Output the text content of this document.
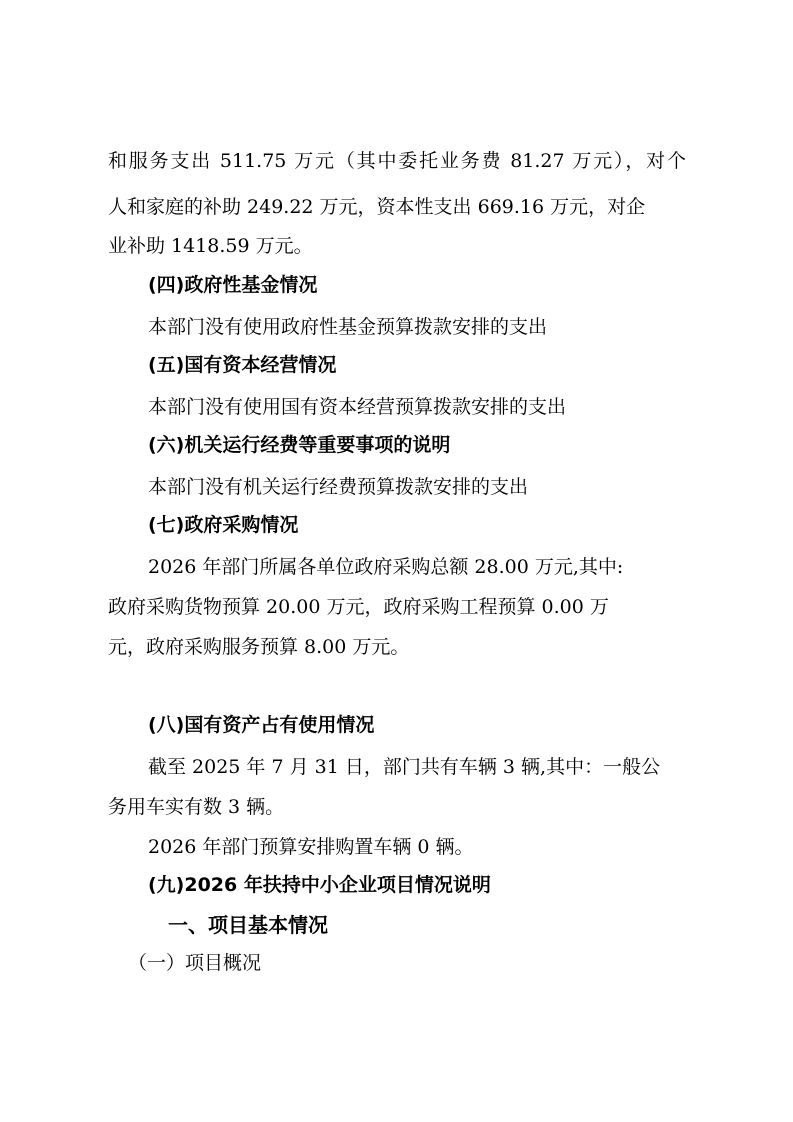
和服务支出 511.75 万元（其中委托业务费 81.27 万元），对个
人和家庭的补助 249.22 万元，资本性支出 669.16 万元，对企
业补助 1418.59 万元。
(四)政府性基金情况
本部门没有使用政府性基金预算拨款安排的支出
(五)国有资本经营情况
本部门没有使用国有资本经营预算拨款安排的支出
(六)机关运行经费等重要事项的说明
本部门没有机关运行经费预算拨款安排的支出
(七)政府采购情况
2026 年部门所属各单位政府采购总额 28.00 万元,其中:
政府采购货物预算 20.00 万元，政府采购工程预算 0.00 万
元，政府采购服务预算 8.00 万元。
(八)国有资产占有使用情况
截至 2025 年 7 月 31 日，部门共有车辆 3 辆,其中：一般公
务用车实有数 3 辆。
2026 年部门预算安排购置车辆 0 辆。
(九)2026 年扶持中小企业项目情况说明
一、项目基本情况
（一）项目概况
